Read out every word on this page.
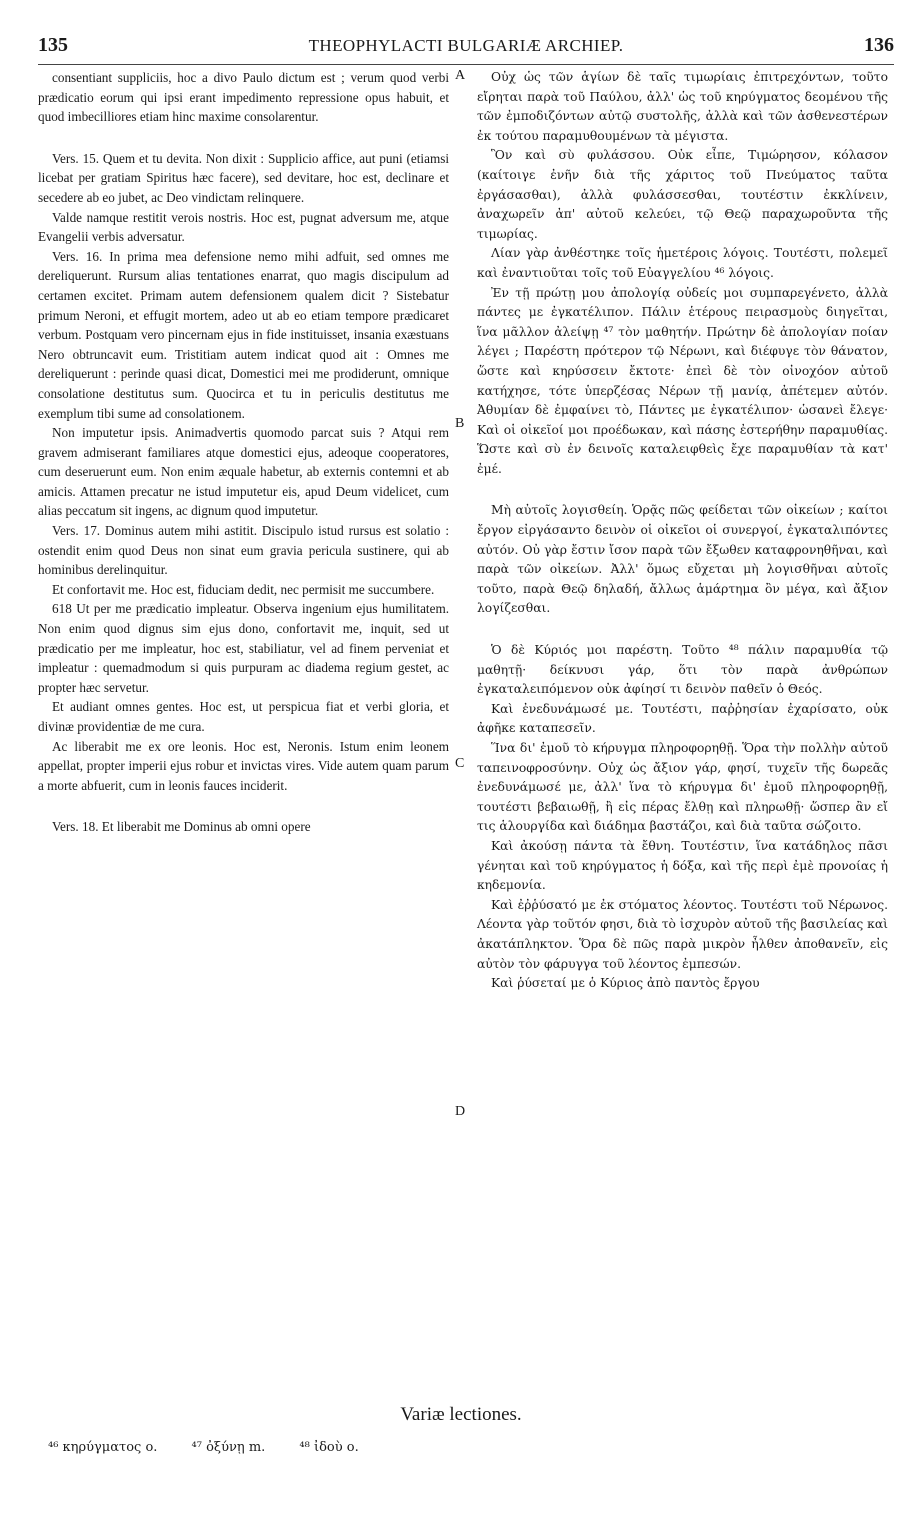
135	THEOPHYLACTI BULGARIÆ ARCHIEP.	136

consentiant suppliciis, hoc a divo Paulo dictum est ; verum quod verbi prædicatio eorum qui ipsi erant impedimento repressione opus habuit, et quod imbecilliores etiam hinc maxime consolarentur.

Vers. 15. Quem et tu devita. Non dixit : Supplicio affice, aut puni (etiamsi licebat per gratiam Spiritus hæc facere), sed devitare, hoc est, declinare et secedere ab eo jubet, ac Deo vindictam relinquere.

Valde namque restitit verois nostris. Hoc est, pugnat adversum me, atque Evangelii verbis adversatur.

Vers. 16. In prima mea defensione nemo mihi adfuit, sed omnes me dereliquerunt. Rursum alias tentationes enarrat, quo magis discipulum ad certamen excitet. Primam autem defensionem qualem dicit ? Sistebatur primum Neroni, et effugit mortem, adeo ut ab eo etiam tempore prædicaret verbum. Postquam vero pincernam ejus in fide instituisset, insania exæstuans Nero obtruncavit eum. Tristitiam autem indicat quod ait : Omnes me dereliquerunt : perinde quasi dicat, Domestici mei me prodiderunt, omnique consolatione destitutus sum. Quocirca et tu in periculis destitutus me exemplum tibi sume ad consolationem.

Non imputetur ipsis. Animadvertis quomodo parcat suis ? Atqui rem gravem admiserant familiares atque domestici ejus, adeoque cooperatores, cum deseruerunt eum. Non enim æquale habetur, ab externis contemni et ab amicis. Attamen precatur ne istud imputetur eis, apud Deum videlicet, cum alias peccatum sit ingens, ac dignum quod imputetur.

Vers. 17. Dominus autem mihi astitit. Discipulo istud rursus est solatio : ostendit enim quod Deus non sinat eum gravia pericula sustinere, qui ab hominibus derelinquitur.

Et confortavit me. Hoc est, fiduciam dedit, nec permisit me succumbere.

618 Ut per me prædicatio impleatur. Observa ingenium ejus humilitatem. Non enim quod dignus sim ejus dono, confortavit me, inquit, sed ut prædicatio per me impleatur, hoc est, stabiliatur, vel ad finem perveniat et impleatur : quemadmodum si quis purpuram ac diadema regium gestet, ac propter hæc servetur.

Et audiant omnes gentes. Hoc est, ut perspicua fiat et verbi gloria, et divinæ providentiæ de me cura.

Ac liberabit me ex ore leonis. Hoc est, Neronis. Istum enim leonem appellat, propter imperii ejus robur et invictas vires. Vide autem quam parum a morte abfuerit, cum in leonis fauces inciderit.

Vers. 18. Et liberabit me Dominus ab omni opere

A
B
C
D

Οὐχ ὡς τῶν ἁγίων δὲ ταῖς τιμωρίαις ἐπιτρεχόντων, τοῦτο εἴρηται παρὰ τοῦ Παύλου, ἀλλ' ὡς τοῦ κηρύγματος δεομένου τῆς τῶν ἐμποδιζόντων αὐτῷ συστολῆς, ἀλλὰ καὶ τῶν ἀσθενεστέρων ἐκ τούτου παραμυθουμένων τὰ μέγιστα.

Ὃν καὶ σὺ φυλάσσου. Οὐκ εἶπε, Τιμώρησον, κόλασον (καίτοιγε ἐνῆν διὰ τῆς χάριτος τοῦ Πνεύματος ταῦτα ἐργάσασθαι), ἀλλὰ φυλάσσεσθαι, τουτέστιν ἐκκλίνειν, ἀναχωρεῖν ἀπ' αὐτοῦ κελεύει, τῷ Θεῷ παραχωροῦντα τῆς τιμωρίας.

Λίαν γὰρ ἀνθέστηκε τοῖς ἡμετέροις λόγοις. Τουτέστι, πολεμεῖ καὶ ἐναντιοῦται τοῖς τοῦ Εὐαγγελίου ⁴⁶ λόγοις.

Ἐν τῇ πρώτῃ μου ἀπολογίᾳ οὐδείς μοι συμπαρεγένετο, ἀλλὰ πάντες με ἐγκατέλιπον. Πάλιν ἑτέρους πειρασμοὺς διηγεῖται, ἵνα μᾶλλον ἀλείψῃ ⁴⁷ τὸν μαθητήν. Πρώτην δὲ ἀπολογίαν ποίαν λέγει ; Παρέστη πρότερον τῷ Νέρωνι, καὶ διέφυγε τὸν θάνατον, ὥστε καὶ κηρύσσειν ἔκτοτε· ἐπεὶ δὲ τὸν οἰνοχόον αὐτοῦ κατήχησε, τότε ὑπερζέσας Νέρων τῇ μανίᾳ, ἀπέτεμεν αὐτόν. Ἀθυμίαν δὲ ἐμφαίνει τὸ, Πάντες με ἐγκατέλιπον· ὡσανεὶ ἔλεγε· Καὶ οἱ οἰκεῖοί μοι προέδωκαν, καὶ πάσης ἐστερήθην παραμυθίας. Ὥστε καὶ σὺ ἐν δεινοῖς καταλειφθεὶς ἔχε παραμυθίαν τὰ κατ' ἐμέ.

Μὴ αὐτοῖς λογισθείη. Ὁρᾷς πῶς φείδεται τῶν οἰκείων ; καίτοι ἔργον εἰργάσαντο δεινὸν οἱ οἰκεῖοι οἱ συνεργοί, ἐγκαταλιπόντες αὐτόν. Οὐ γὰρ ἔστιν ἴσον παρὰ τῶν ἔξωθεν καταφρονηθῆναι, καὶ παρὰ τῶν οἰκείων. Ἀλλ' ὅμως εὔχεται μὴ λογισθῆναι αὐτοῖς τοῦτο, παρὰ Θεῷ δηλαδή, ἄλλως ἁμάρτημα ὂν μέγα, καὶ ἄξιον λογίζεσθαι.

Ὁ δὲ Κύριός μοι παρέστη. Τοῦτο ⁴⁸ πάλιν παραμυθία τῷ μαθητῇ· δείκνυσι γάρ, ὅτι τὸν παρὰ ἀνθρώπων ἐγκαταλειπόμενον οὐκ ἀφίησί τι δεινὸν παθεῖν ὁ Θεός.

Καὶ ἐνεδυνάμωσέ με. Τουτέστι, παῤῥησίαν ἐχαρίσατο, οὐκ ἀφῆκε καταπεσεῖν.

Ἵνα δι' ἐμοῦ τὸ κήρυγμα πληροφορηθῇ. Ὅρα τὴν πολλὴν αὐτοῦ ταπεινοφροσύνην. Οὐχ ὡς ἄξιον γάρ, φησί, τυχεῖν τῆς δωρεᾶς ἐνεδυνάμωσέ με, ἀλλ' ἵνα τὸ κήρυγμα δι' ἐμοῦ πληροφορηθῇ, τουτέστι βεβαιωθῇ, ἢ εἰς πέρας ἔλθῃ καὶ πληρωθῇ· ὥσπερ ἂν εἴ τις ἁλουργίδα καὶ διάδημα βαστάζοι, καὶ διὰ ταῦτα σώζοιτο.

Καὶ ἀκούσῃ πάντα τὰ ἔθνη. Τουτέστιν, ἵνα κατάδηλος πᾶσι γένηται καὶ τοῦ κηρύγματος ἡ δόξα, καὶ τῆς περὶ ἐμὲ προνοίας ἡ κηδεμονία.

Καὶ ἐῤῥύσατό με ἐκ στόματος λέοντος. Τουτέστι τοῦ Νέρωνος. Λέοντα γὰρ τοῦτόν φησι, διὰ τὸ ἰσχυρὸν αὐτοῦ τῆς βασιλείας καὶ ἀκατάπληκτον. Ὅρα δὲ πῶς παρὰ μικρὸν ἦλθεν ἀποθανεῖν, εἰς αὐτὸν τὸν φάρυγγα τοῦ λέοντος ἐμπεσών.

Καὶ ῥύσεταί με ὁ Κύριος ἀπὸ παντὸς ἔργου

Variæ lectiones.
⁴⁶ κηρύγματος ο.	⁴⁷ ὀξύνῃ m.	⁴⁸ ἰδοὺ ο.
